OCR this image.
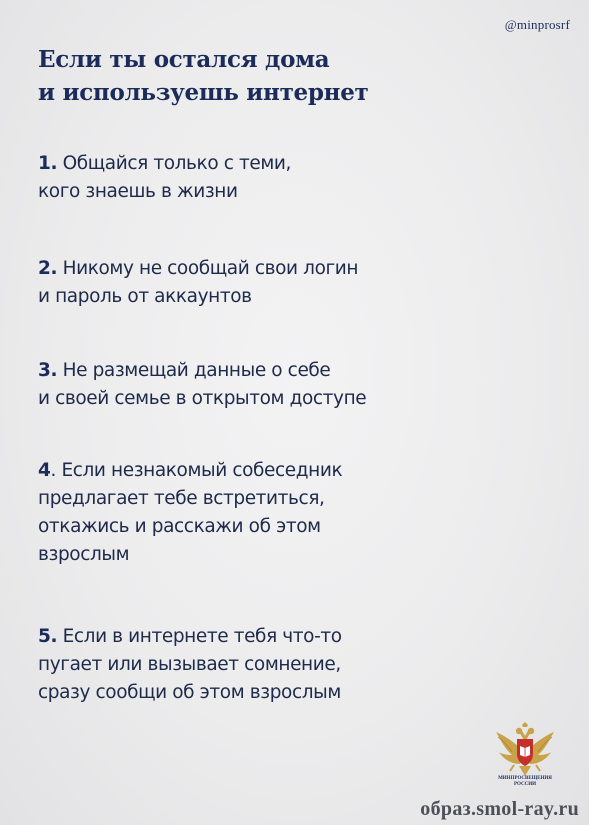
@minprosrf
Если ты остался дома
и используешь интернет
1. Общайся только с теми,
кого знаешь в жизни
2. Никому не сообщай свои логин
и пароль от аккаунтов
3. Не размещай данные о себе
и своей семье в открытом доступе
4. Если незнакомый собеседник
предлагает тебе встретиться,
откажись и расскажи об этом
взрослым
5. Если в интернете тебя что-то
пугает или вызывает сомнение,
сразу сообщи об этом взрослым
МИНПРОСВЕЩЕНИЯ
РОССИИ
образ.smol-ray.ru
